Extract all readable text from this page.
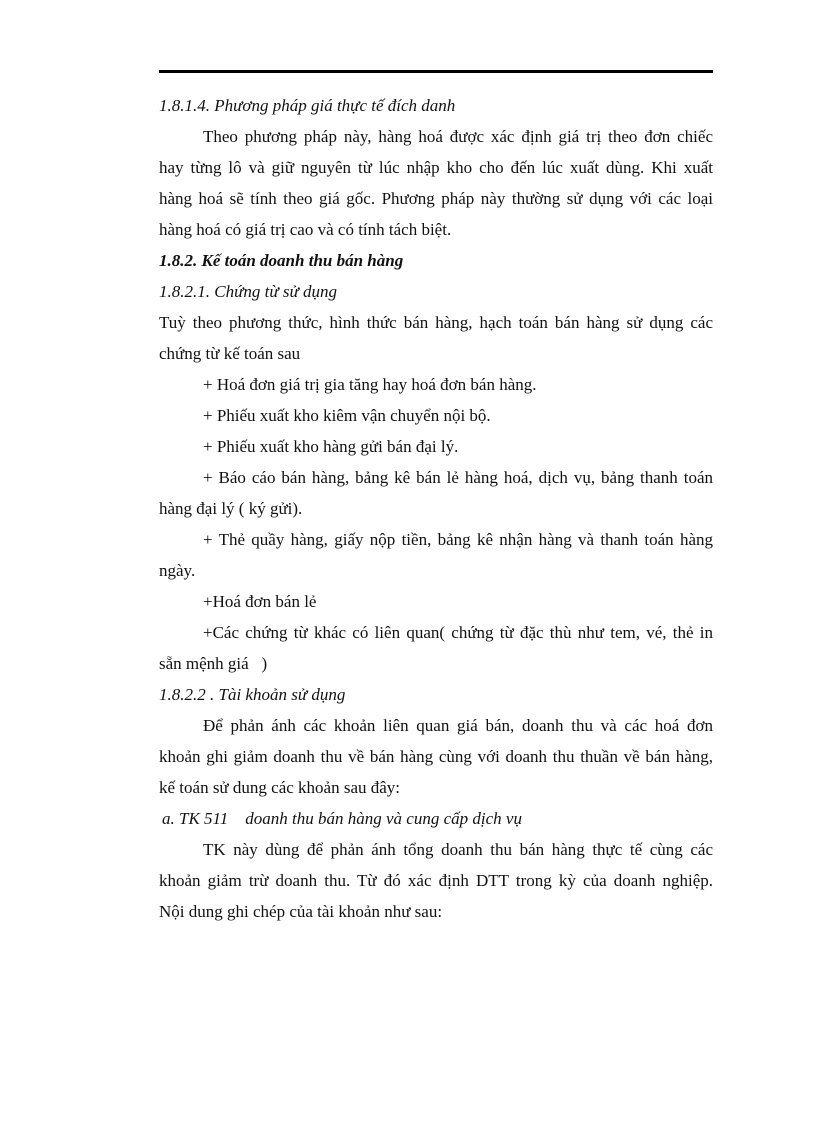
1.8.1.4. Phương pháp giá thực tế đích danh

Theo phương pháp này, hàng hoá được xác định giá trị theo đơn chiếc

hay từng lô và giữ nguyên từ lúc nhập kho cho đến lúc xuất dùng. Khi xuất

hàng hoá sẽ tính theo giá gốc. Phương pháp này thường sử dụng với các loại

hàng hoá có giá trị cao và có tính tách biệt.

1.8.2. Kế toán doanh thu bán hàng

1.8.2.1. Chứng từ sử dụng

Tuỳ theo phương thức, hình thức bán hàng, hạch toán bán hàng sử dụng các

chứng từ kế toán sau

+ Hoá đơn giá trị gia tăng hay hoá đơn bán hàng.

+ Phiếu xuất kho kiêm vận chuyển nội bộ.

+ Phiếu xuất kho hàng gửi bán đại lý.

+ Báo cáo bán hàng, bảng kê bán lẻ hàng hoá, dịch vụ, bảng thanh toán

hàng đại lý ( ký gửi).

+ Thẻ quầy hàng, giấy nộp tiền, bảng kê nhận hàng và thanh toán hàng

ngày.

+Hoá đơn bán lẻ

+Các chứng từ khác có liên quan( chứng từ đặc thù như tem, vé, thẻ in

sẵn mệnh giá   )

1.8.2.2 . Tài khoản sử dụng

Để phản ánh các khoản liên quan giá bán, doanh thu và các hoá đơn

khoản ghi giảm doanh thu về bán hàng cùng với doanh thu thuần về bán hàng,

kế toán sử dung các khoản sau đây:

a. TK 511    doanh thu bán hàng và cung cấp dịch vụ

TK này dùng để phản ánh tổng doanh thu bán hàng thực tế cùng các

khoản giảm trừ doanh thu. Từ đó xác định DTT trong kỳ của doanh nghiệp.

Nội dung ghi chép của tài khoản như sau:
